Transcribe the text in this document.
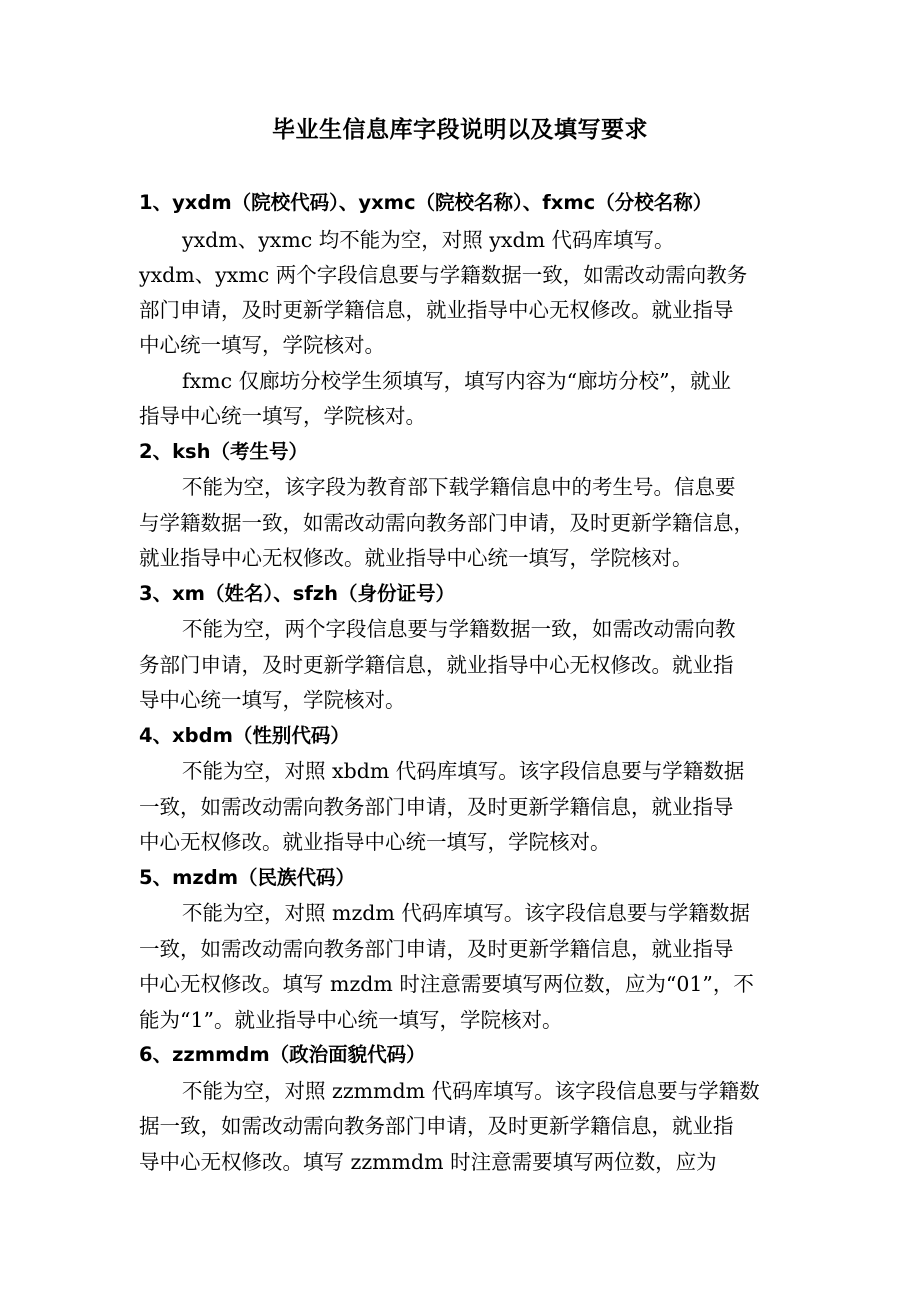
毕业生信息库字段说明以及填写要求
1、yxdm（院校代码）、yxmc（院校名称）、fxmc（分校名称）
yxdm、yxmc 均不能为空，对照 yxdm 代码库填写。
yxdm、yxmc 两个字段信息要与学籍数据一致，如需改动需向教务
部门申请，及时更新学籍信息，就业指导中心无权修改。就业指导
中心统一填写，学院核对。
fxmc 仅廊坊分校学生须填写，填写内容为“廊坊分校”，就业
指导中心统一填写，学院核对。
2、ksh（考生号）
不能为空，该字段为教育部下载学籍信息中的考生号。信息要
与学籍数据一致，如需改动需向教务部门申请，及时更新学籍信息，
就业指导中心无权修改。就业指导中心统一填写，学院核对。
3、xm（姓名）、sfzh（身份证号）
不能为空，两个字段信息要与学籍数据一致，如需改动需向教
务部门申请，及时更新学籍信息，就业指导中心无权修改。就业指
导中心统一填写，学院核对。
4、xbdm（性别代码）
不能为空，对照 xbdm 代码库填写。该字段信息要与学籍数据
一致，如需改动需向教务部门申请，及时更新学籍信息，就业指导
中心无权修改。就业指导中心统一填写，学院核对。
5、mzdm（民族代码）
不能为空，对照 mzdm 代码库填写。该字段信息要与学籍数据
一致，如需改动需向教务部门申请，及时更新学籍信息，就业指导
中心无权修改。填写 mzdm 时注意需要填写两位数，应为“01”，不
能为“1”。就业指导中心统一填写，学院核对。
6、zzmmdm（政治面貌代码）
不能为空，对照 zzmmdm 代码库填写。该字段信息要与学籍数
据一致，如需改动需向教务部门申请，及时更新学籍信息，就业指
导中心无权修改。填写 zzmmdm 时注意需要填写两位数，应为
